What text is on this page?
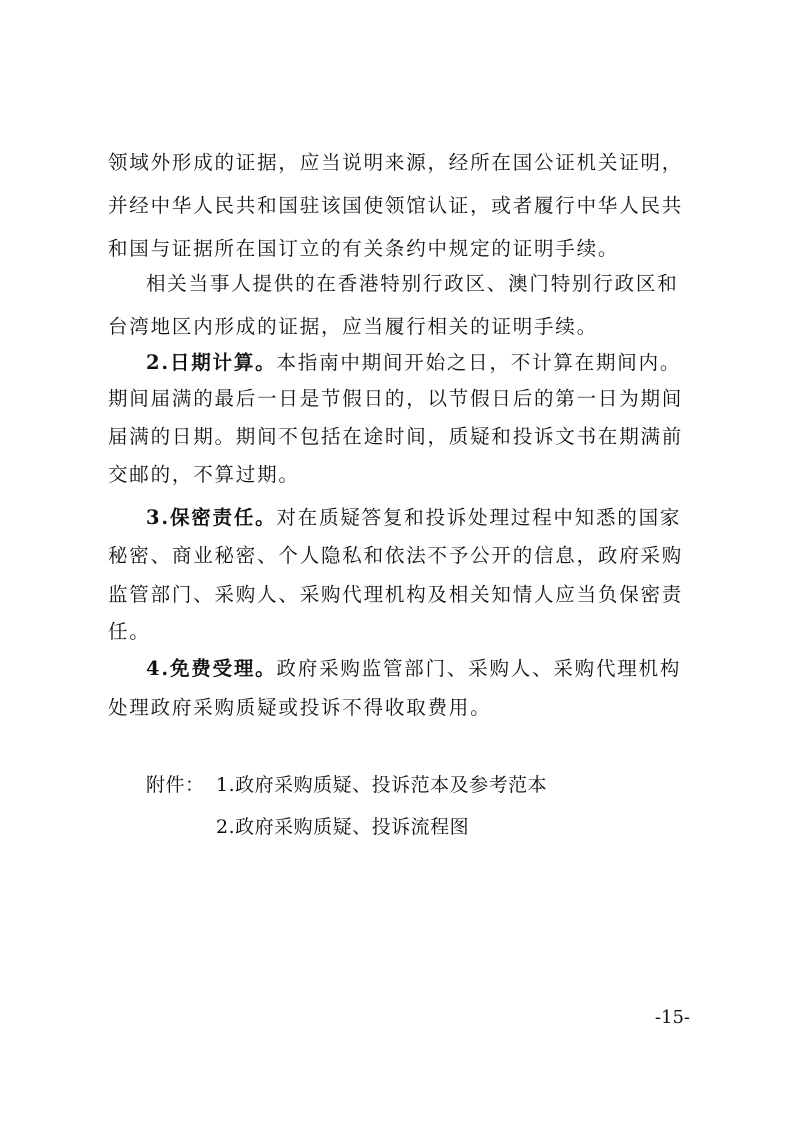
领域外形成的证据，应当说明来源，经所在国公证机关证明，
并经中华人民共和国驻该国使领馆认证，或者履行中华人民共
和国与证据所在国订立的有关条约中规定的证明手续。
相关当事人提供的在香港特别行政区、澳门特别行政区和
台湾地区内形成的证据，应当履行相关的证明手续。
2.日期计算。本指南中期间开始之日，不计算在期间内。
期间届满的最后一日是节假日的，以节假日后的第一日为期间
届满的日期。期间不包括在途时间，质疑和投诉文书在期满前
交邮的，不算过期。
3.保密责任。对在质疑答复和投诉处理过程中知悉的国家
秘密、商业秘密、个人隐私和依法不予公开的信息，政府采购
监管部门、采购人、采购代理机构及相关知情人应当负保密责
任。
4.免费受理。政府采购监管部门、采购人、采购代理机构
处理政府采购质疑或投诉不得收取费用。
附件： 1.政府采购质疑、投诉范本及参考范本
2.政府采购质疑、投诉流程图
-15-
